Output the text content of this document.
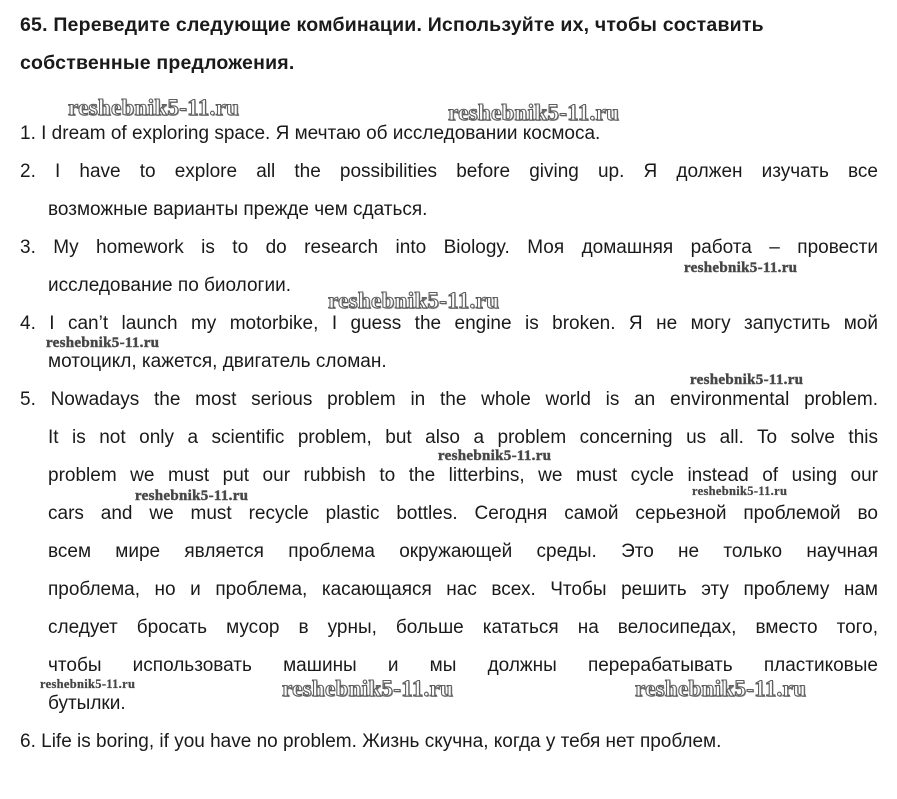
65. Переведите следующие комбинации. Используйте их, чтобы составить
собственные предложения.
1. I dream of exploring space. Я мечтаю об исследовании космоса.
2. I have to explore all the possibilities before giving up. Я должен изучать все
возможные варианты прежде чем сдаться.
3. My homework is to do research into Biology. Моя домашняя работа – провести
исследование по биологии.
4. I can’t launch my motorbike, I guess the engine is broken. Я не могу запустить мой
мотоцикл, кажется, двигатель сломан.
5. Nowadays the most serious problem in the whole world is an environmental problem.
It is not only a scientific problem, but also a problem concerning us all. To solve this
problem we must put our rubbish to the litterbins, we must cycle instead of using our
cars and we must recycle plastic bottles. Сегодня самой серьезной проблемой во
всем мире является проблема окружающей среды. Это не только научная
проблема, но и проблема, касающаяся нас всех. Чтобы решить эту проблему нам
следует бросать мусор в урны, больше кататься на велосипедах, вместо того,
чтобы использовать машины и мы должны перерабатывать пластиковые
бутылки.
6. Life is boring, if you have no problem. Жизнь скучна, когда у тебя нет проблем.
reshebnik5-11.ru	reshebnik5-11.ru
reshebnik5-11.ru
reshebnik5-11.ru
reshebnik5-11.ru
reshebnik5-11.ru
reshebnik5-11.ru
reshebnik5-11.ru
reshebnik5-11.ru
reshebnik5-11.ru	reshebnik5-11.ru	reshebnik5-11.ru
